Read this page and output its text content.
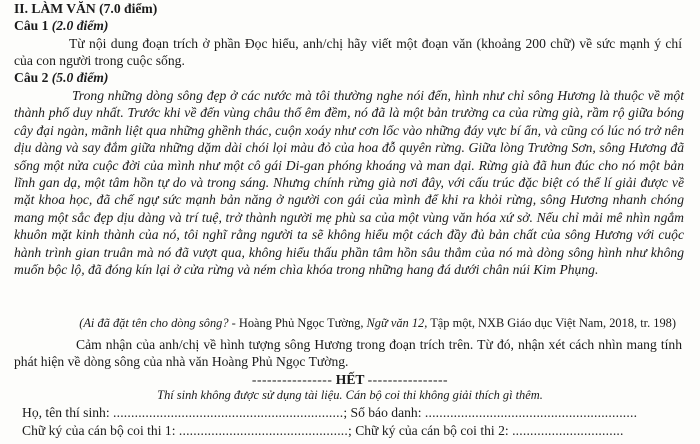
II. LÀM VĂN (7.0 điểm)
Câu 1 (2.0 điểm)

Từ nội dung đoạn trích ở phần Đọc hiểu, anh/chị hãy viết một đoạn văn (khoảng 200 chữ) về sức mạnh ý chí của con người trong cuộc sống.

Câu 2 (5.0 điểm)

Trong những dòng sông đẹp ở các nước mà tôi thường nghe nói đến, hình như chỉ sông Hương là thuộc về một thành phố duy nhất. Trước khi về đến vùng châu thổ êm đềm, nó đã là một bản trường ca của rừng già, rầm rộ giữa bóng cây đại ngàn, mãnh liệt qua những ghềnh thác, cuộn xoáy như cơn lốc vào những đáy vực bí ẩn, và cũng có lúc nó trở nên dịu dàng và say đắm giữa những dặm dài chói lọi màu đỏ của hoa đỗ quyên rừng. Giữa lòng Trường Sơn, sông Hương đã sống một nửa cuộc đời của mình như một cô gái Di-gan phóng khoáng và man dại. Rừng già đã hun đúc cho nó một bản lĩnh gan dạ, một tâm hồn tự do và trong sáng. Nhưng chính rừng già nơi đây, với cấu trúc đặc biệt có thể lí giải được về mặt khoa học, đã chế ngự sức mạnh bản năng ở người con gái của mình để khi ra khỏi rừng, sông Hương nhanh chóng mang một sắc đẹp dịu dàng và trí tuệ, trở thành người mẹ phù sa của một vùng văn hóa xứ sở. Nếu chỉ mải mê nhìn ngắm khuôn mặt kinh thành của nó, tôi nghĩ rằng người ta sẽ không hiểu một cách đầy đủ bản chất của sông Hương với cuộc hành trình gian truân mà nó đã vượt qua, không hiểu thấu phần tâm hồn sâu thẳm của nó mà dòng sông hình như không muốn bộc lộ, đã đóng kín lại ở cửa rừng và ném chìa khóa trong những hang đá dưới chân núi Kim Phụng.

(Ai đã đặt tên cho dòng sông? - Hoàng Phủ Ngọc Tường, Ngữ văn 12, Tập một, NXB Giáo dục Việt Nam, 2018, tr. 198)

Cảm nhận của anh/chị về hình tượng sông Hương trong đoạn trích trên. Từ đó, nhận xét cách nhìn mang tính phát hiện về dòng sông của nhà văn Hoàng Phủ Ngọc Tường.

---------------- HẾT ----------------
Thí sinh không được sử dụng tài liệu. Cán bộ coi thi không giải thích gì thêm.
Họ, tên thí sinh: ................................................................; Số báo danh: ...........................................................
Chữ ký của cán bộ coi thi 1: ...............................................; Chữ ký của cán bộ coi thi 2: ...............................
